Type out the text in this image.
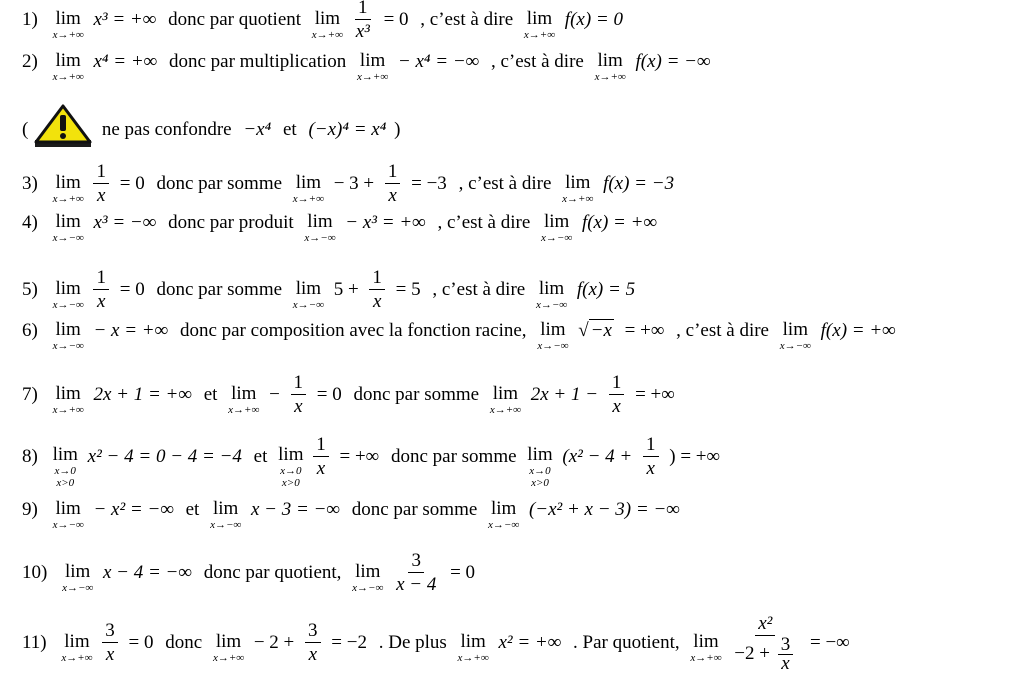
1) lim
x→+∞
x³ = +∞ donc par quotient lim
x→+∞
$\frac{1}{\text{x³}} = 0$ , c’est à dire lim
x→+∞
f(x) = 0
2) lim
x→+∞
x⁴ = +∞ donc par multiplication lim
x→+∞
− x⁴ = −∞ , c’est à dire lim
x→+∞
f(x) = −∞
(	ne pas confondre −x⁴ et (−x)⁴ = x⁴ )
3) lim
x→+∞
$\frac{1}{x} = 0$ donc par somme lim
x→+∞
− $3 + \frac{1}{x} = -3$ , c’est à dire lim
x→+∞
f(x) = −3
4) lim
x→−∞
x³ = −∞ donc par produit lim
x→−∞
− x³ = +∞ , c’est à dire lim
x→−∞
f(x) = +∞
5) lim
x→−∞
$\frac{1}{x} = 0$ donc par somme lim
x→−∞
$5 + \frac{1}{x} = 5$ , c’est à dire lim
x→−∞
f(x) = 5
6) lim
x→−∞
− x = +∞ donc par composition avec la fonction racine, lim
x→−∞
√ −x = +∞ , c’est à dire lim
x→−∞
f(x) = +∞
7) lim
x→+∞
2x + 1 = +∞ et lim
x→+∞
− $\frac{1}{x} = 0$ donc par somme lim
x→+∞
$2x + 1 - \frac{1}{x}$ = +∞
8) lim
x→0
x>0
x² − 4 = 0 − 4 = −4 et lim
x→0
x>0

$\frac{1}{x}$ = +∞ donc par somme lim
x→0
x>0
($x^2 - 4 + \frac{1}{x}$ ) = +∞
9) lim
x→−∞
− x² = −∞ et lim
x→−∞
x − 3 = −∞ donc par somme lim
x→−∞
(−x² + x − 3) = −∞
10) lim
x→−∞
x − 4 = −∞ donc par quotient, lim
x→−∞
$\frac{3}{x - 4} = 0$
11) lim
x→+∞
$\frac{3}{x} = 0$ donc lim
x→+∞
− $2 + \frac{3}{x} = -2$ . De plus lim
x→+∞
x² = +∞ . Par quotient, lim
x→+∞
$\frac{\text{x²}}{-2 + \frac{3}{x}}$ = −∞
